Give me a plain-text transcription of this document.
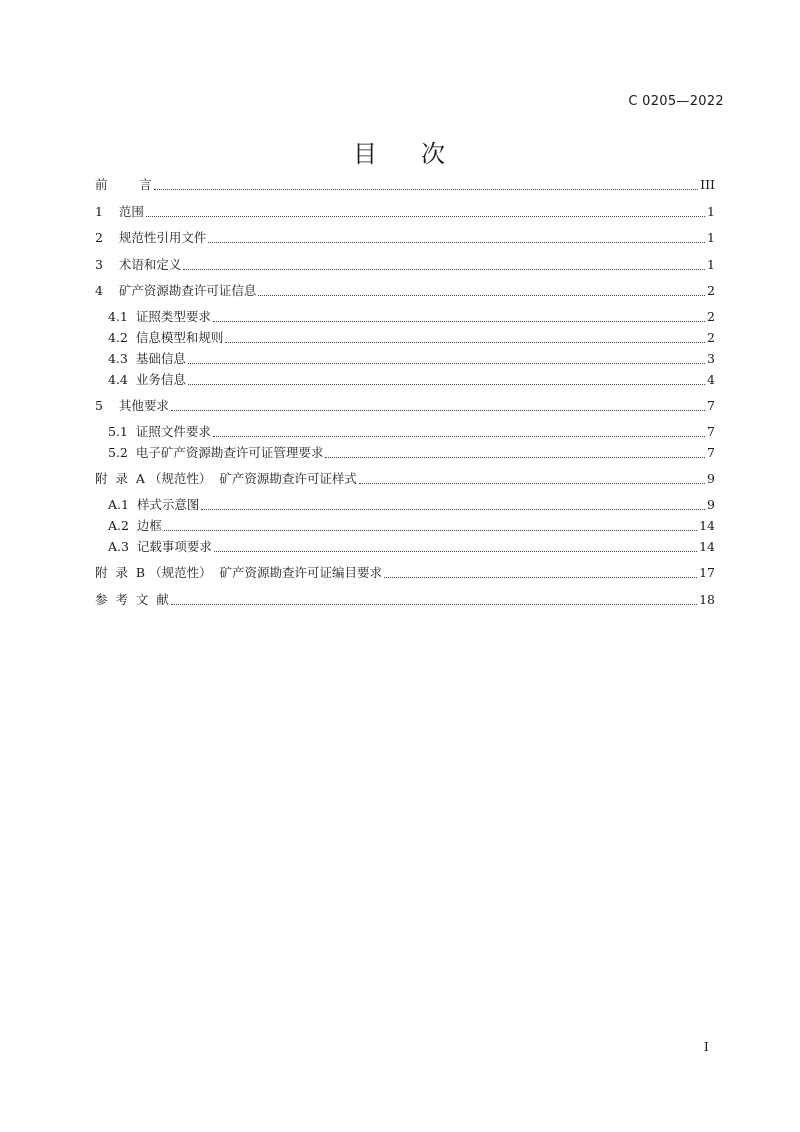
C 0205—2022
目 次
前 言	III
1 范围	1
2 规范性引用文件	1
3 术语和定义	1
4 矿产资源勘查许可证信息	2
4.1 证照类型要求	2
4.2 信息模型和规则	2
4.3 基础信息	3
4.4 业务信息	4
5 其他要求	7
5.1 证照文件要求	7
5.2 电子矿产资源勘查许可证管理要求	7
附 录  A （规范性）  矿产资源勘查许可证样式	9
A.1 样式示意图	9
A.2 边框	14
A.3 记载事项要求	14
附 录  B （规范性）  矿产资源勘查许可证编目要求	17
参 考  文  献	18
I
